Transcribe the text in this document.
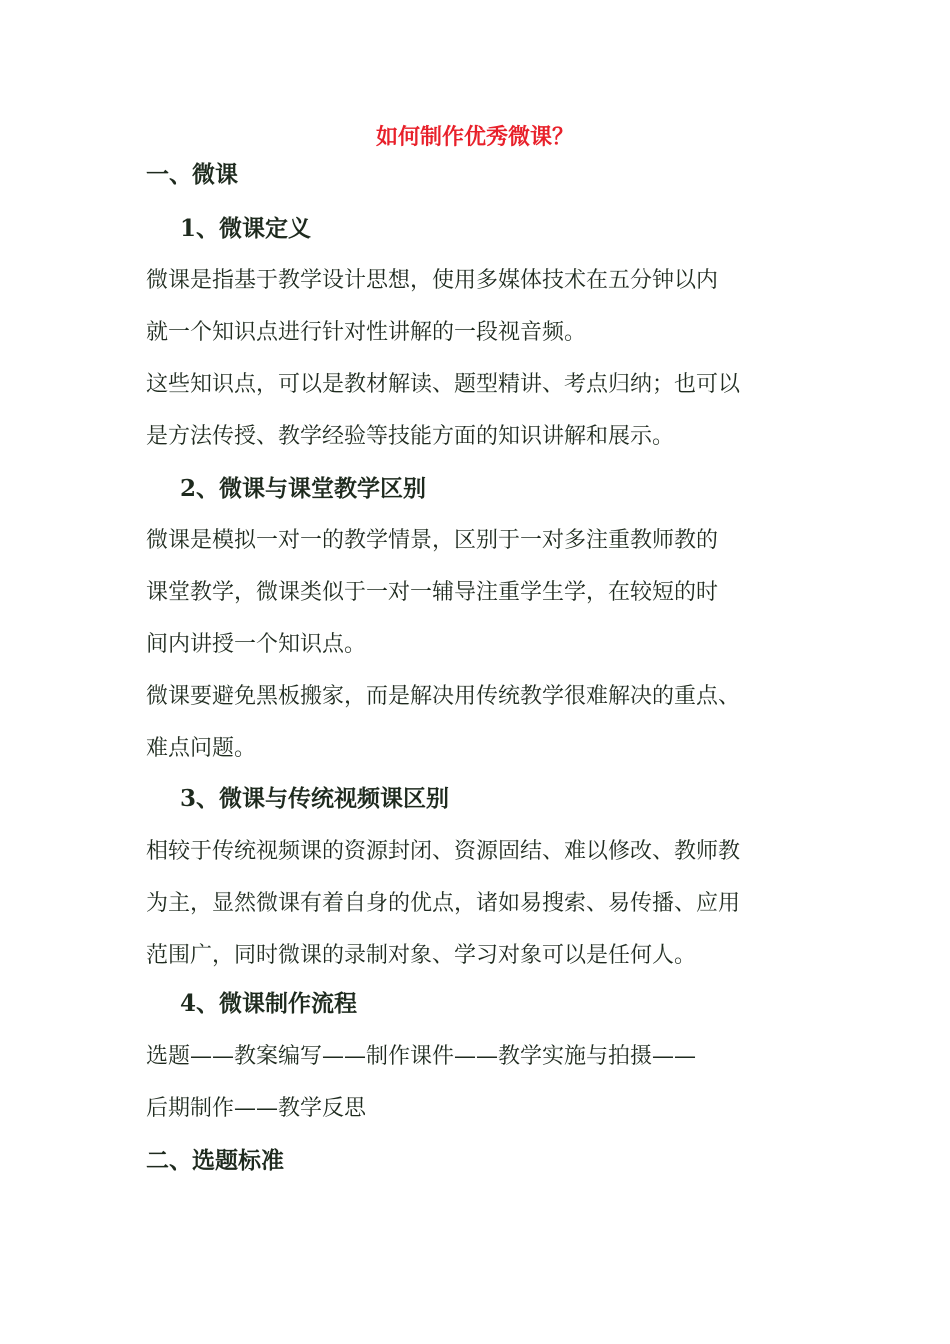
如何制作优秀微课？
一、微课
1、微课定义
微课是指基于教学设计思想，使用多媒体技术在五分钟以内
就一个知识点进行针对性讲解的一段视音频。
这些知识点，可以是教材解读、题型精讲、考点归纳；也可以
是方法传授、教学经验等技能方面的知识讲解和展示。
2、微课与课堂教学区别
微课是模拟一对一的教学情景，区别于一对多注重教师教的
课堂教学，微课类似于一对一辅导注重学生学，在较短的时
间内讲授一个知识点。
微课要避免黑板搬家，而是解决用传统教学很难解决的重点、
难点问题。
3、微课与传统视频课区别
相较于传统视频课的资源封闭、资源固结、难以修改、教师教
为主，显然微课有着自身的优点，诸如易搜索、易传播、应用
范围广，同时微课的录制对象、学习对象可以是任何人。
4、微课制作流程
选题——教案编写——制作课件——教学实施与拍摄——
后期制作——教学反思
二、选题标准
